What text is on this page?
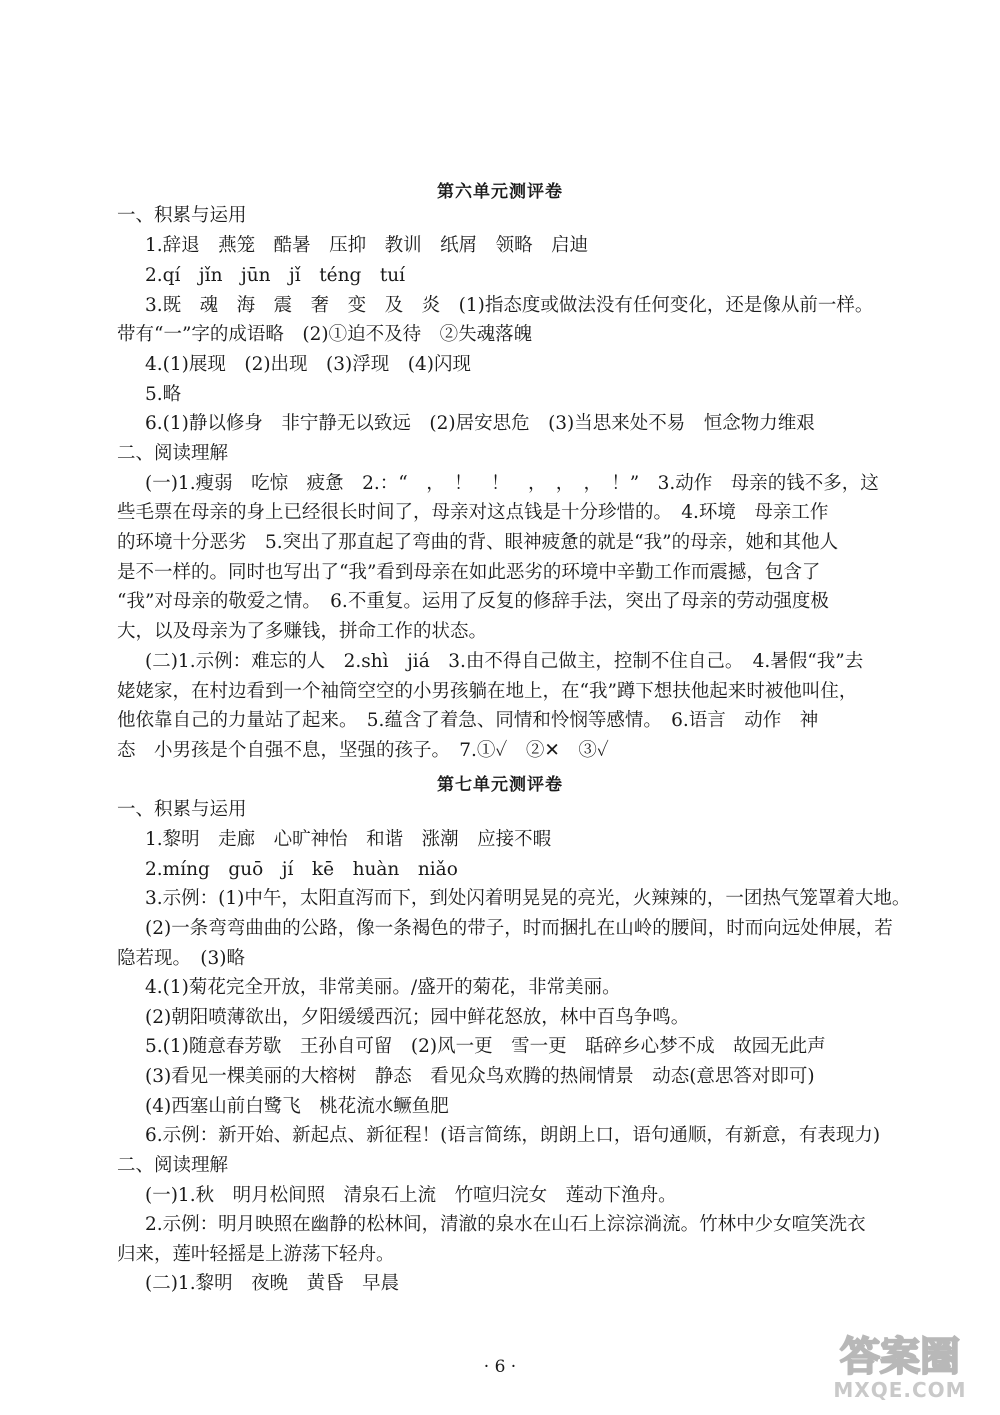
第六单元测评卷
一、积累与运用
1.辞退　燕笼　酷暑　压抑　教训　纸屑　领略　启迪
2.qí　jǐn　jūn　jǐ　téng　tuí
3.既　魂　海　震　奢　变　及　炎　(1)指态度或做法没有任何变化，还是像从前一样。
带有“一”字的成语略　(2)①迫不及待　②失魂落魄
4.(1)展现　(2)出现　(3)浮现　(4)闪现
5.略
6.(1)静以修身　非宁静无以致远　(2)居安思危　(3)当思来处不易　恒念物力维艰
二、阅读理解
(一)1.瘦弱　吃惊　疲惫　2.：“　，　！　！　，　，　，　！”　3.动作　母亲的钱不多，这
些毛票在母亲的身上已经很长时间了，母亲对这点钱是十分珍惜的。　4.环境　母亲工作
的环境十分恶劣　5.突出了那直起了弯曲的背、眼神疲惫的就是“我”的母亲，她和其他人
是不一样的。同时也写出了“我”看到母亲在如此恶劣的环境中辛勤工作而震撼，包含了
“我”对母亲的敬爱之情。　6.不重复。运用了反复的修辞手法，突出了母亲的劳动强度极
大，以及母亲为了多赚钱，拼命工作的状态。
(二)1.示例：难忘的人　2.shì　jiá　3.由不得自己做主，控制不住自己。　4.暑假“我”去
姥姥家，在村边看到一个袖筒空空的小男孩躺在地上，在“我”蹲下想扶他起来时被他叫住，
他依靠自己的力量站了起来。　5.蕴含了着急、同情和怜悯等感情。　6.语言　动作　神
态　小男孩是个自强不息，坚强的孩子。　7.①✓　②✕　③✓
第七单元测评卷
一、积累与运用
1.黎明　走廊　心旷神怡　和谐　涨潮　应接不暇
2.míng　guō　jí　kē　huàn　niǎo
3.示例：(1)中午，太阳直泻而下，到处闪着明晃晃的亮光，火辣辣的，一团热气笼罩着大地。
(2)一条弯弯曲曲的公路，像一条褐色的带子，时而捆扎在山岭的腰间，时而向远处伸展，若
隐若现。　(3)略
4.(1)菊花完全开放，非常美丽。/盛开的菊花，非常美丽。
(2)朝阳喷薄欲出，夕阳缓缓西沉；园中鲜花怒放，林中百鸟争鸣。
5.(1)随意春芳歇　王孙自可留　(2)风一更　雪一更　聒碎乡心梦不成　故园无此声
(3)看见一棵美丽的大榕树　静态　看见众鸟欢腾的热闹情景　动态(意思答对即可)
(4)西塞山前白鹭飞　桃花流水鳜鱼肥
6.示例：新开始、新起点、新征程！(语言简练，朗朗上口，语句通顺，有新意，有表现力)
二、阅读理解
(一)1.秋　明月松间照　清泉石上流　竹喧归浣女　莲动下渔舟。
2.示例：明月映照在幽静的松林间，清澈的泉水在山石上淙淙淌流。竹林中少女喧笑洗衣
归来，莲叶轻摇是上游荡下轻舟。
(二)1.黎明　夜晚　黄昏　早晨
· 6 ·	答案圈
MXQE.COM
